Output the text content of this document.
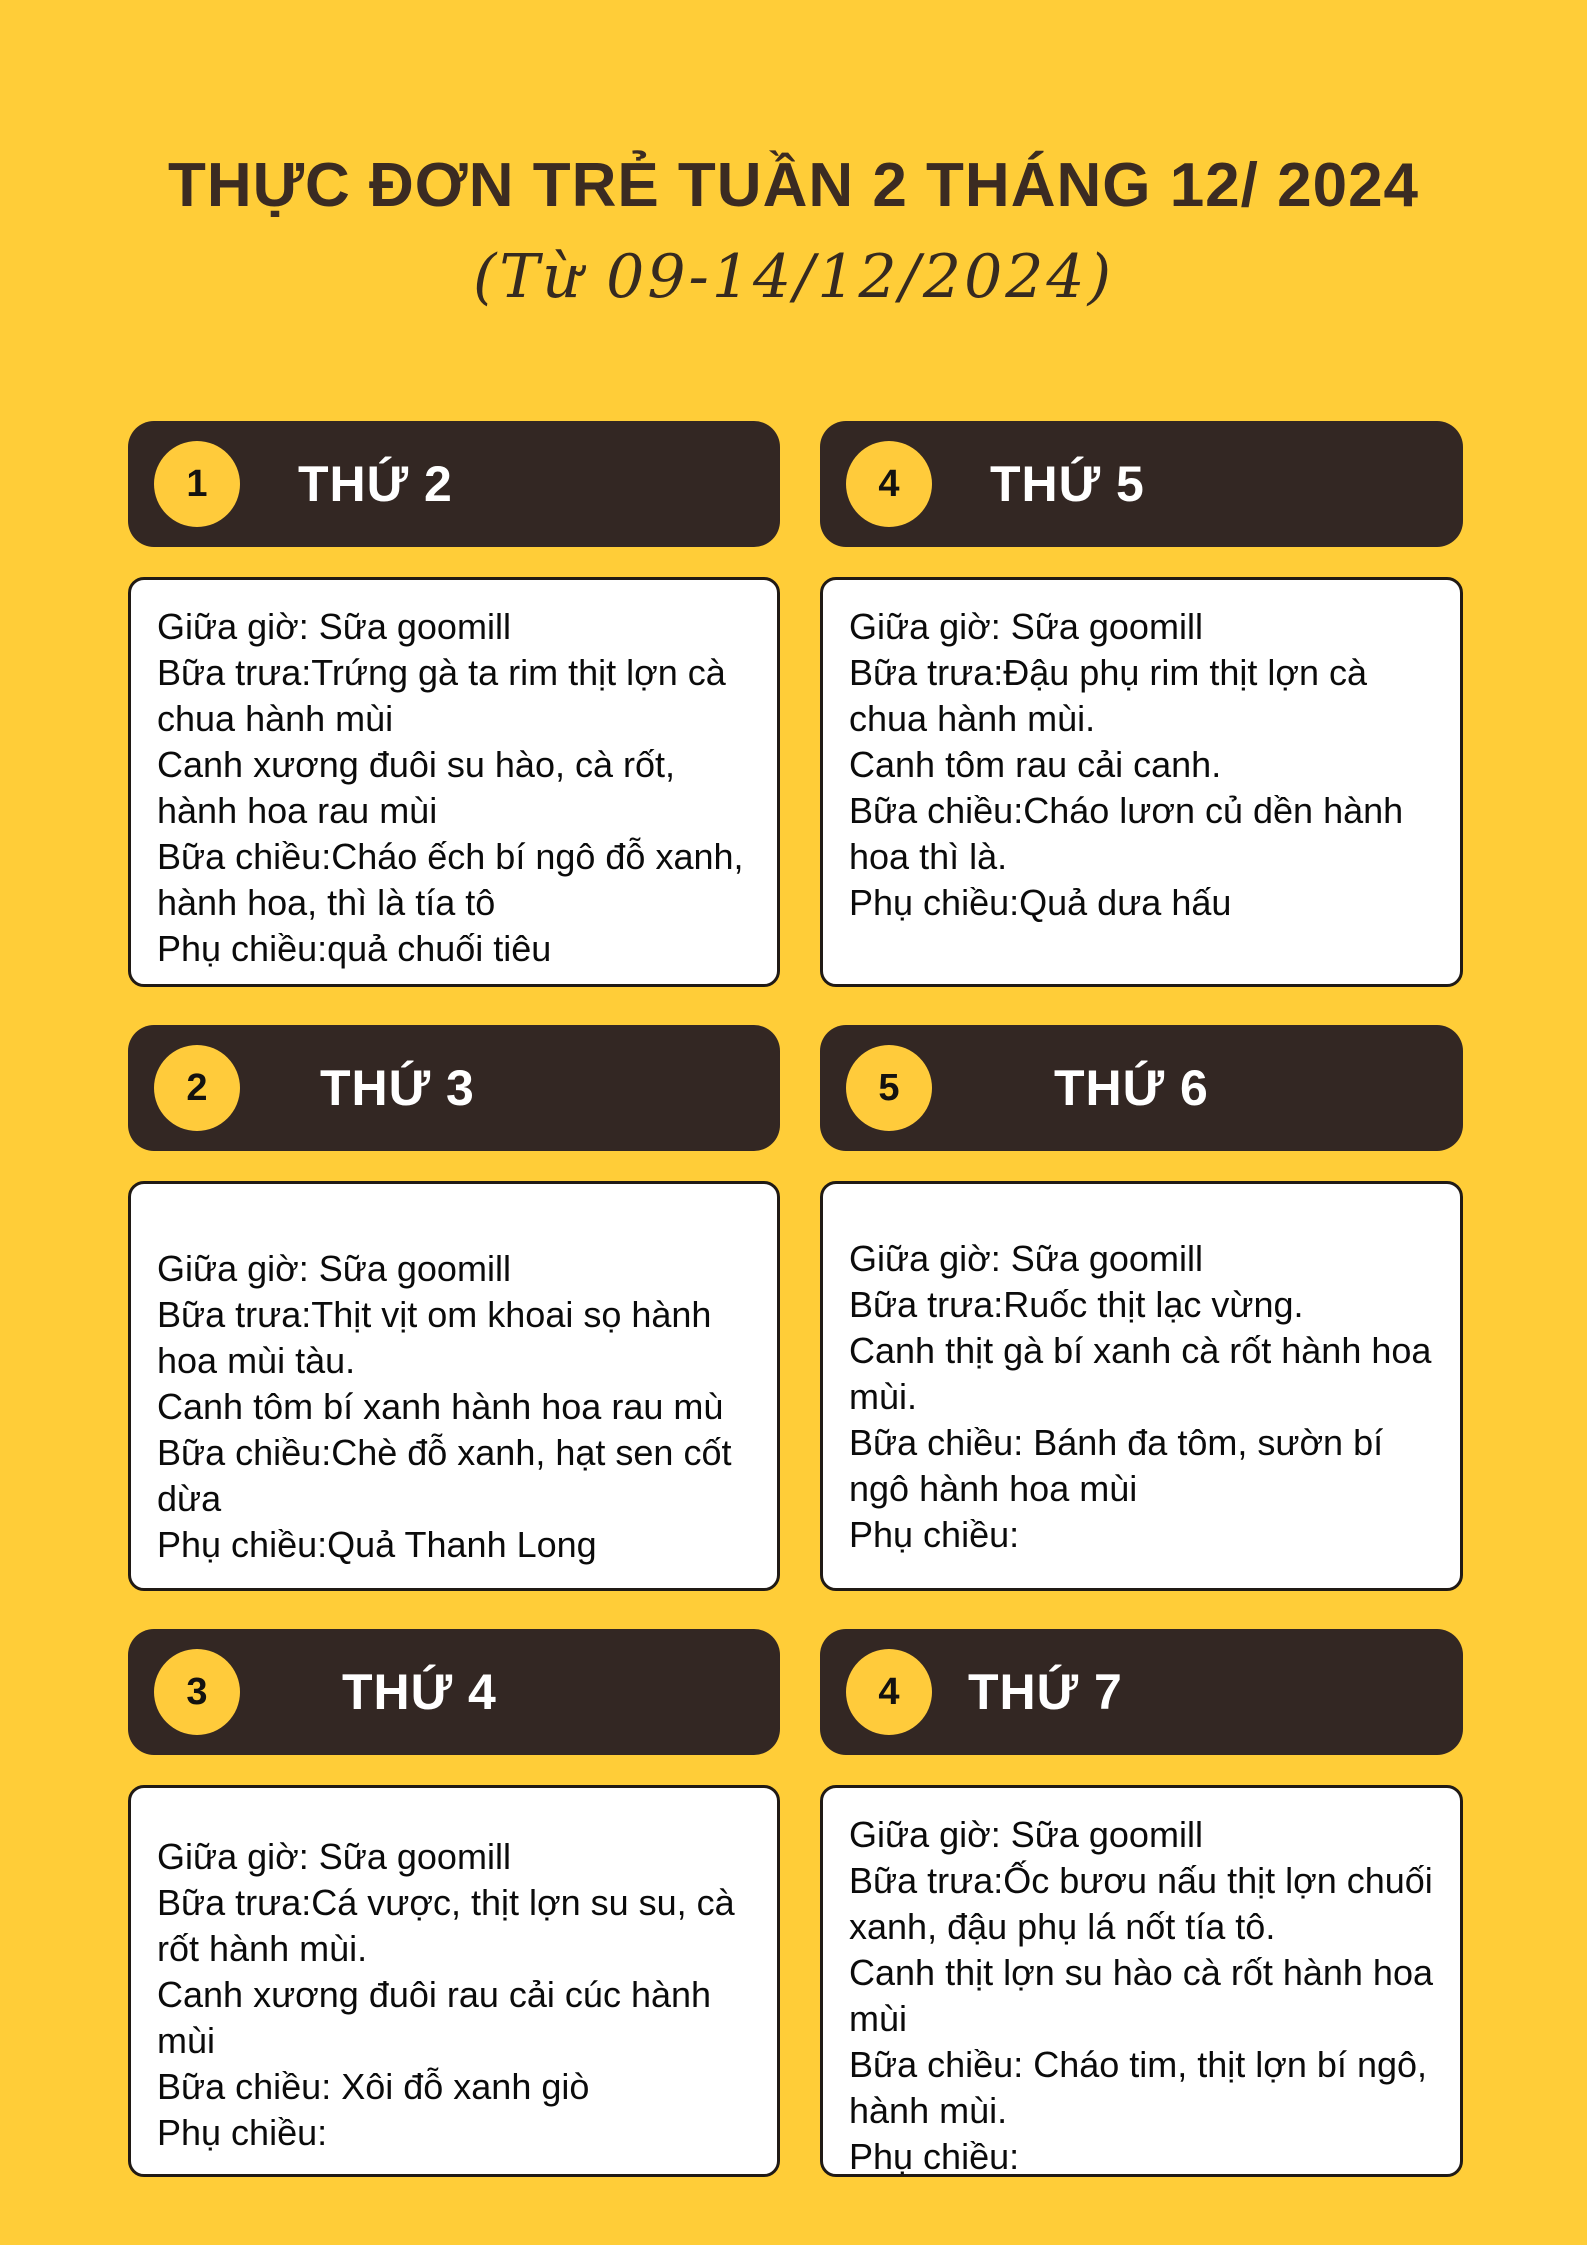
THỰC ĐƠN TRẺ TUẦN 2 THÁNG 12/ 2024
(Từ 09-14/12/2024)
1	THỨ 2

Giữa giờ: Sữa goomill

Bữa trưa:Trứng gà ta rim thịt lợn cà chua hành mùi

Canh xương đuôi su hào, cà rốt, hành hoa rau mùi

Bữa chiều:Cháo ếch bí ngô đỗ xanh, hành hoa, thì là tía tô

Phụ chiều:quả chuối tiêu

4	THỨ 5

Giữa giờ: Sữa goomill

Bữa trưa:Đậu phụ rim thịt lợn cà chua hành mùi.

Canh tôm rau cải canh.

Bữa chiều:Cháo lươn củ dền hành hoa thì là.

Phụ chiều:Quả dưa hấu

2	THỨ 3

Giữa giờ: Sữa goomill

Bữa trưa:Thịt vịt om khoai sọ hành hoa mùi tàu.

Canh tôm bí xanh hành hoa rau mù

Bữa chiều:Chè đỗ xanh, hạt sen cốt dừa

Phụ chiều:Quả Thanh Long

5	THỨ 6

Giữa giờ: Sữa goomill

Bữa trưa:Ruốc thịt lạc vừng.

Canh thịt gà bí xanh cà rốt hành hoa mùi.

Bữa chiều: Bánh đa tôm, sườn bí ngô hành hoa mùi

Phụ chiều:

3	THỨ 4

Giữa giờ: Sữa goomill

Bữa trưa:Cá vược, thịt lợn su su, cà rốt hành mùi.

Canh xương đuôi rau cải cúc hành mùi

Bữa chiều: Xôi đỗ xanh giò

Phụ chiều:

4	THỨ 7

Giữa giờ: Sữa goomill

Bữa trưa:Ốc bươu nấu thịt lợn chuối xanh, đậu phụ lá nốt tía tô.

Canh thịt lợn su hào cà rốt hành hoa mùi

Bữa chiều: Cháo tim, thịt lợn bí ngô, hành mùi.

Phụ chiều:
